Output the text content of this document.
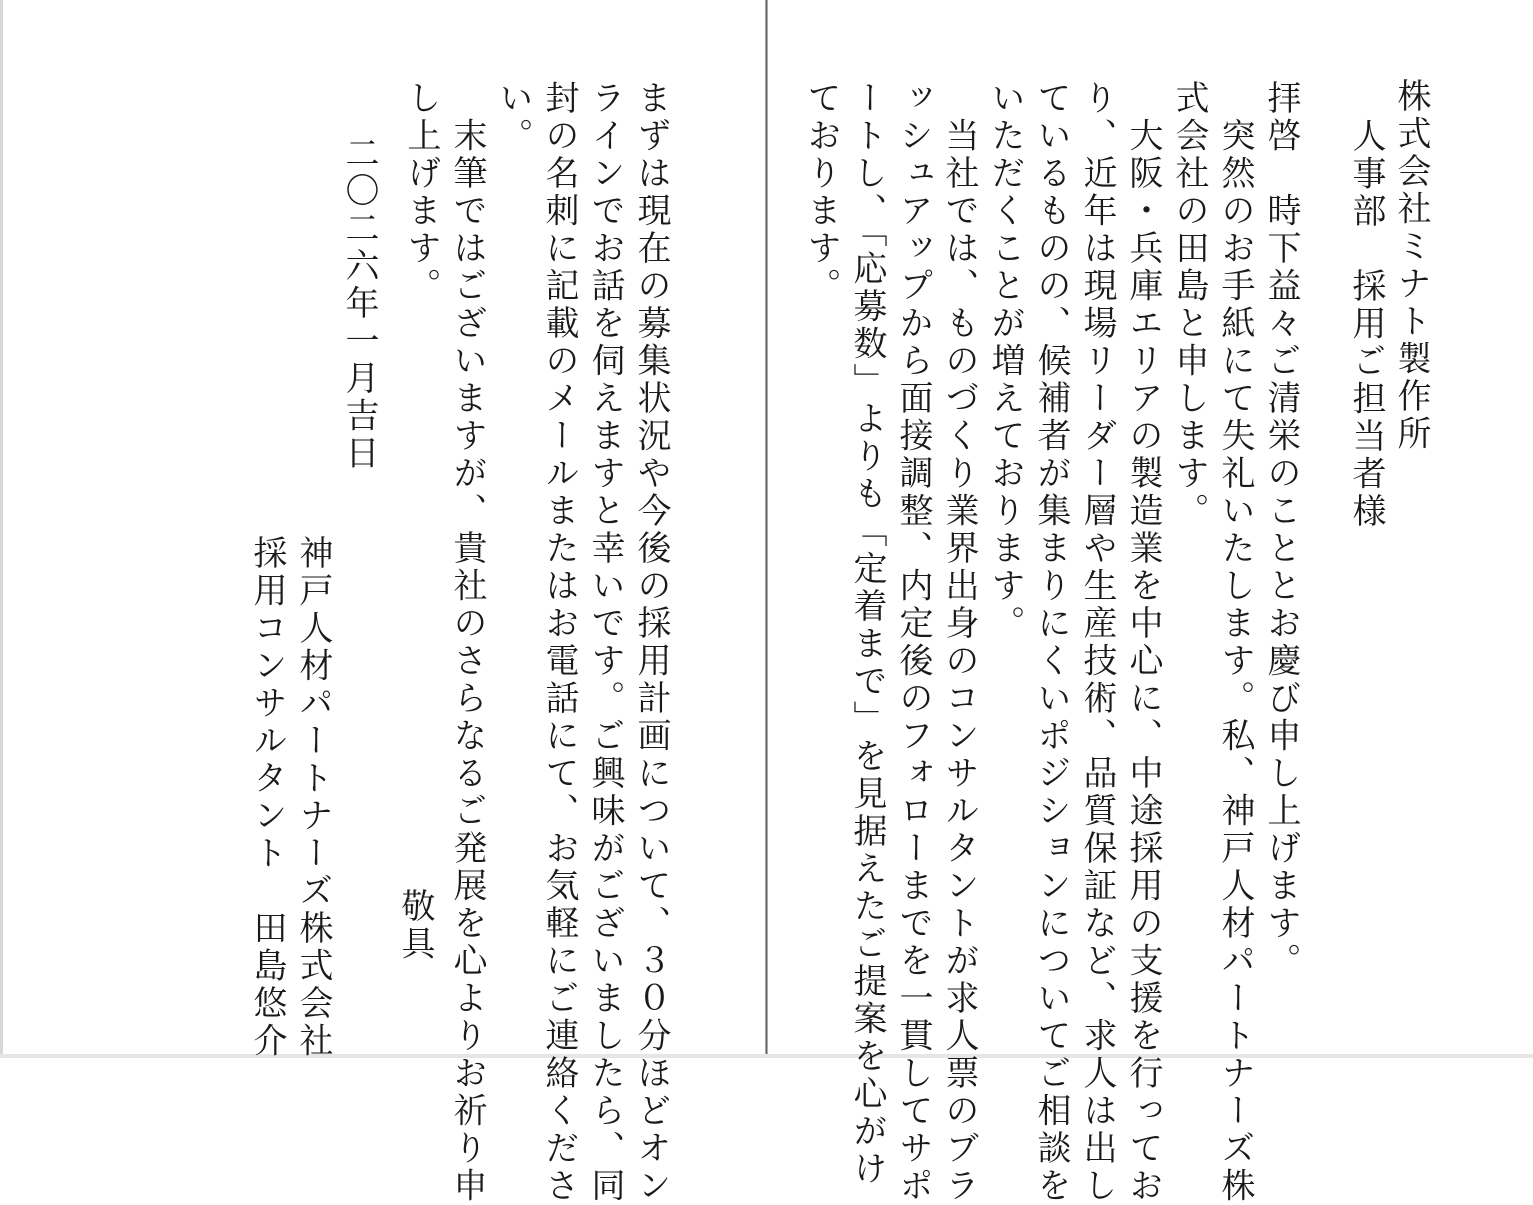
株式会社ミナト製作所
人事部　採用ご担当者様
拝啓　時下益々ご清栄のこととお慶び申し上げます。
　突然のお手紙にて失礼いたします。私、神戸人材パートナーズ株
式会社の田島と申します。
　大阪・兵庫エリアの製造業を中心に、中途採用の支援を行ってお
り、近年は現場リーダー層や生産技術、品質保証など、求人は出し
ているものの、候補者が集まりにくいポジションについてご相談を
いただくことが増えております。
　当社では、ものづくり業界出身のコンサルタントが求人票のブラ
ッシュアップから面接調整、内定後のフォローまでを一貫してサポ
ートし、「応募数」よりも「定着まで」を見据えたご提案を心がけ
ております。
まずは現在の募集状況や今後の採用計画について、３０分ほどオン
ラインでお話を伺えますと幸いです。ご興味がございましたら、同
封の名刺に記載のメールまたはお電話にて、お気軽にご連絡くださ
い。
　末筆ではございますが、貴社のさらなるご発展を心よりお祈り申
し上げます。
敬具
二〇二六年一月吉日
神戸人材パートナーズ株式会社
採用コンサルタント　田島悠介
